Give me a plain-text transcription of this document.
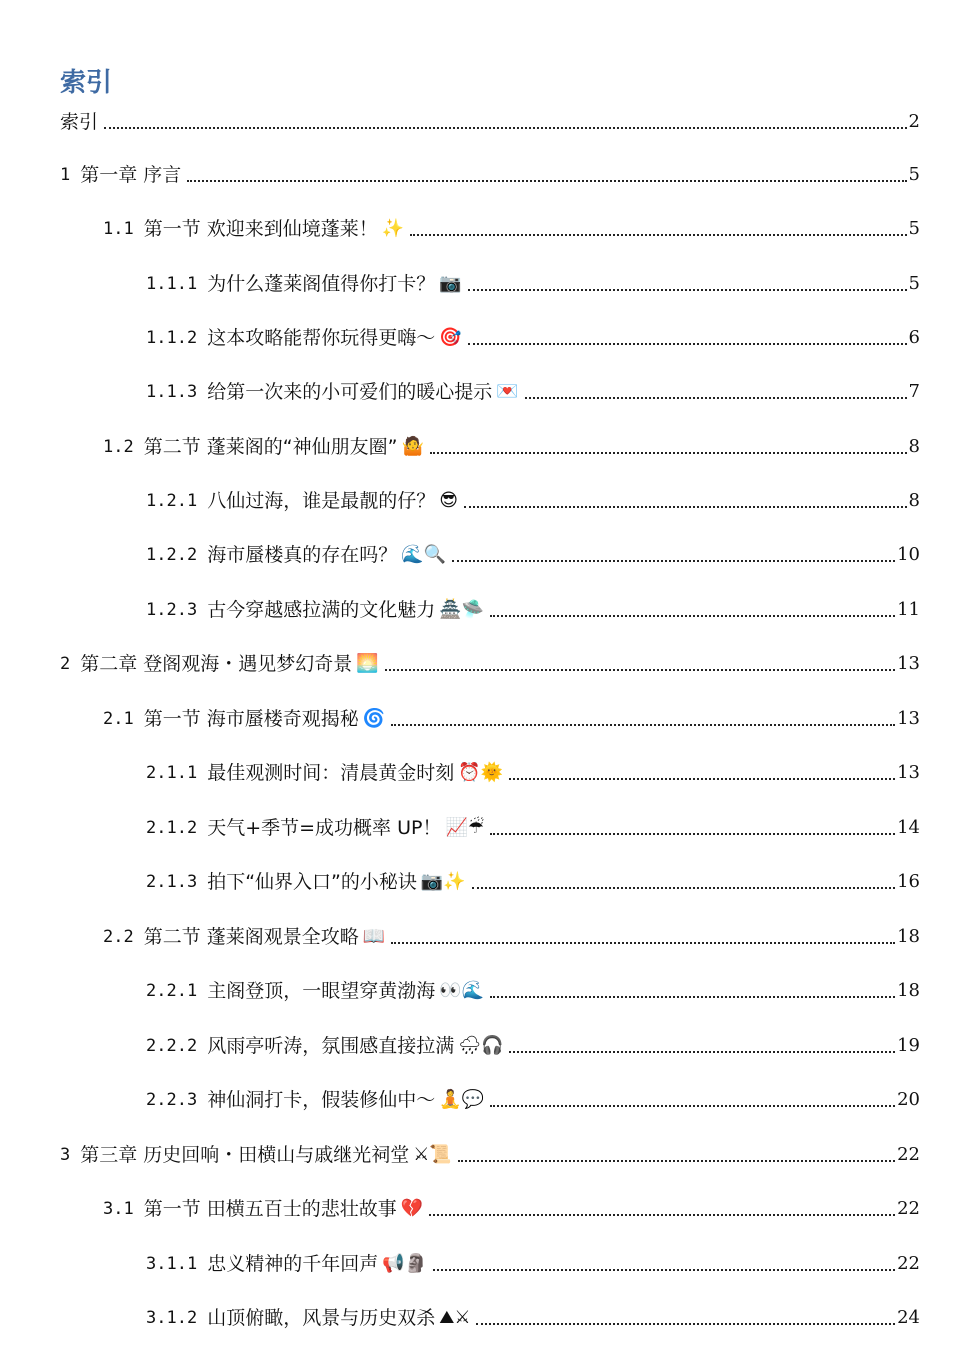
索引
索引	2
1 第一章 序言	5
1.1 第一节 欢迎来到仙境蓬莱！ ✨	5
1.1.1 为什么蓬莱阁值得你打卡？ 📷	5
1.1.2 这本攻略能帮你玩得更嗨～ 🎯	6
1.1.3 给第一次来的小可爱们的暖心提示 💌	7
1.2 第二节 蓬莱阁的“神仙朋友圈” 🤷	8
1.2.1 八仙过海，谁是最靓的仔？ 😎	8
1.2.2 海市蜃楼真的存在吗？ 🌊🔍	10
1.2.3 古今穿越感拉满的文化魅力 🏯🛸	11
2 第二章 登阁观海・遇见梦幻奇景 🌅	13
2.1 第一节 海市蜃楼奇观揭秘 🌀	13
2.1.1 最佳观测时间：清晨黄金时刻 ⏰🌞	13
2.1.2 天气+季节=成功概率 UP！ 📈☔	14
2.1.3 拍下“仙界入口”的小秘诀 📷✨	16
2.2 第二节 蓬莱阁观景全攻略 📖	18
2.2.1 主阁登顶，一眼望穿黄渤海 👀🌊	18
2.2.2 风雨亭听涛，氛围感直接拉满 🌧🎧	19
2.2.3 神仙洞打卡，假装修仙中～ 🧘💬	20
3 第三章 历史回响・田横山与戚继光祠堂 ⚔📜	22
3.1 第一节 田横五百士的悲壮故事 💔	22
3.1.1 忠义精神的千年回声 📢🗿	22
3.1.2 山顶俯瞰，风景与历史双杀 ⛰⚔	24
